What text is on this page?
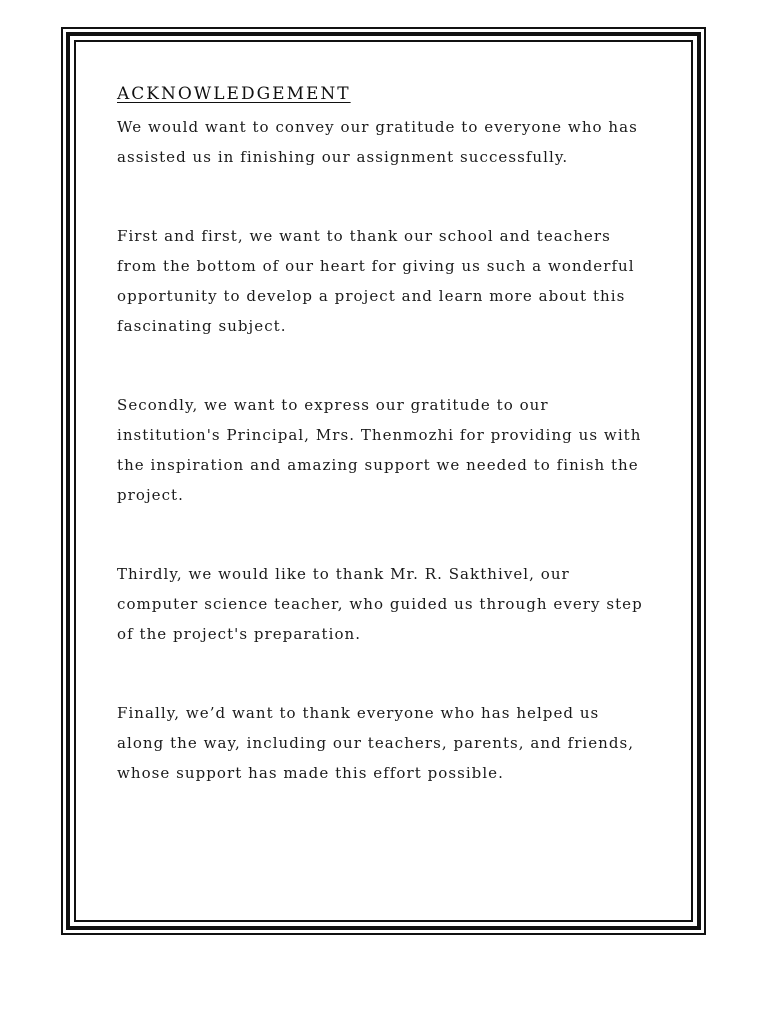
ACKNOWLEDGEMENT

We would want to convey our gratitude to everyone who has
assisted us in finishing our assignment successfully.

First and first, we want to thank our school and teachers
from the bottom of our heart for giving us such a wonderful
opportunity to develop a project and learn more about this
fascinating subject.

Secondly, we want to express our gratitude to our
institution's Principal, Mrs. Thenmozhi for providing us with
the inspiration and amazing support we needed to finish the
project.

Thirdly, we would like to thank Mr. R. Sakthivel, our
computer science teacher, who guided us through every step
of the project's preparation.

Finally, we’d want to thank everyone who has helped us
along the way, including our teachers, parents, and friends,
whose support has made this effort possible.
